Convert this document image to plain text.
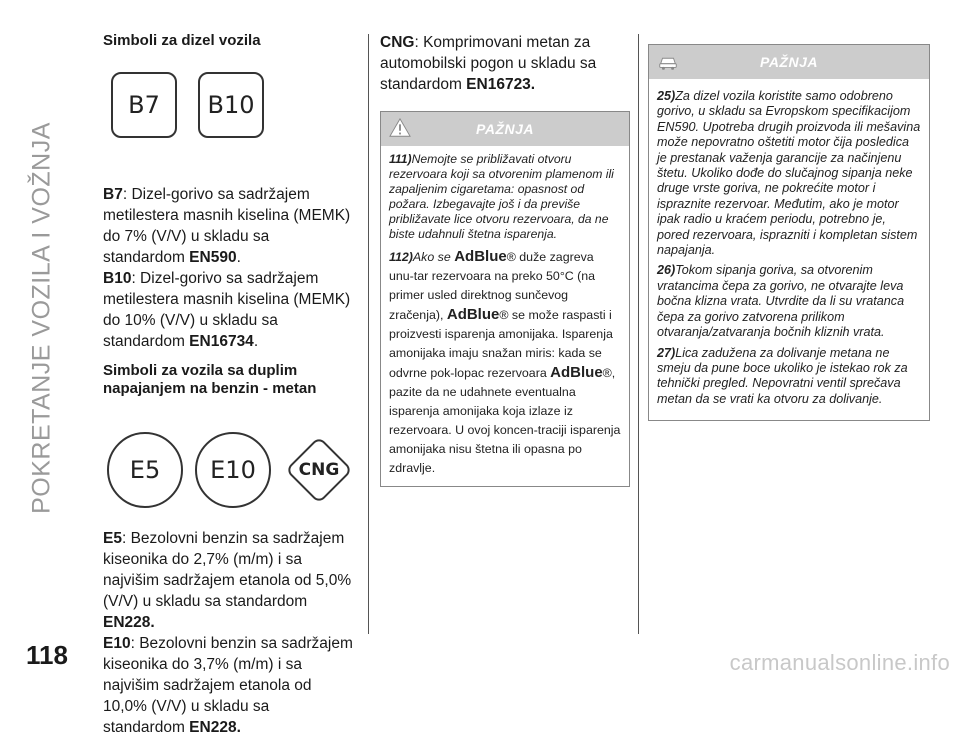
POKRETANJE VOZILA I VOŽNJA
118	carmanualsonline.info
Simboli za dizel vozila
B7 B10

B7: Dizel-gorivo sa sadržajem metilestera masnih kiselina (MEMK) do 7% (V/V) u skladu sa standardom EN590.

B10: Dizel-gorivo sa sadržajem metilestera masnih kiselina (MEMK) do 10% (V/V) u skladu sa standardom EN16734.

Simboli za vozila sa duplim napajanjem na benzin - metan
E5 E10	CNG

E5: Bezolovni benzin sa sadržajem kiseonika do 2,7% (m/m) i sa najvišim sadržajem etanola od 5,0% (V/V) u skladu sa standardom EN228.

E10: Bezolovni benzin sa sadržajem kiseonika do 3,7% (m/m) i sa najvišim sadržajem etanola od 10,0% (V/V) u skladu sa standardom EN228.

CNG: Komprimovani metan za automobilski pogon u skladu sa standardom EN16723.

PAŽNJA

111)Nemojte se približavati otvoru rezervoara koji sa otvorenim plamenom ili zapaljenim cigaretama: opasnost od požara. Izbegavajte još i da previše približavate lice otvoru rezervoara, da ne biste udahnuli štetna isparenja.

112)Ako se AdBlue® duže zagreva unu-tar rezervoara na preko 50°C (na primer usled direktnog sunčevog zračenja), AdBlue® se može raspasti i proizvesti isparenja amonijaka. Isparenja amonijaka imaju snažan miris: kada se odvrne pok-lopac rezervoara AdBlue®, pazite da ne udahnete eventualna isparenja amonijaka koja izlaze iz rezervoara. U ovoj koncen-traciji isparenja amonijaka nisu štetna ili opasna po zdravlje.

PAŽNJA

25)Za dizel vozila koristite samo odobreno gorivo, u skladu sa Evropskom specifikacijom EN590. Upotreba drugih proizvoda ili mešavina može nepovratno oštetiti motor čija posledica je prestanak važenja garancije za načinjenu štetu. Ukoliko dođe do slučajnog sipanja neke druge vrste goriva, ne pokrećite motor i ispraznite rezervoar. Međutim, ako je motor ipak radio u kraćem periodu, potrebno je, pored rezervoara, isprazniti i kompletan sistem napajanja.

26)Tokom sipanja goriva, sa otvorenim vratancima čepa za gorivo, ne otvarajte leva bočna klizna vrata. Utvrdite da li su vratanca čepa za gorivo zatvorena prilikom otvaranja/zatvaranja bočnih kliznih vrata.

27)Lica zadužena za dolivanje metana ne smeju da pune boce ukoliko je istekao rok za tehnički pregled. Nepovratni ventil sprečava metan da se vrati ka otvoru za dolivanje.
